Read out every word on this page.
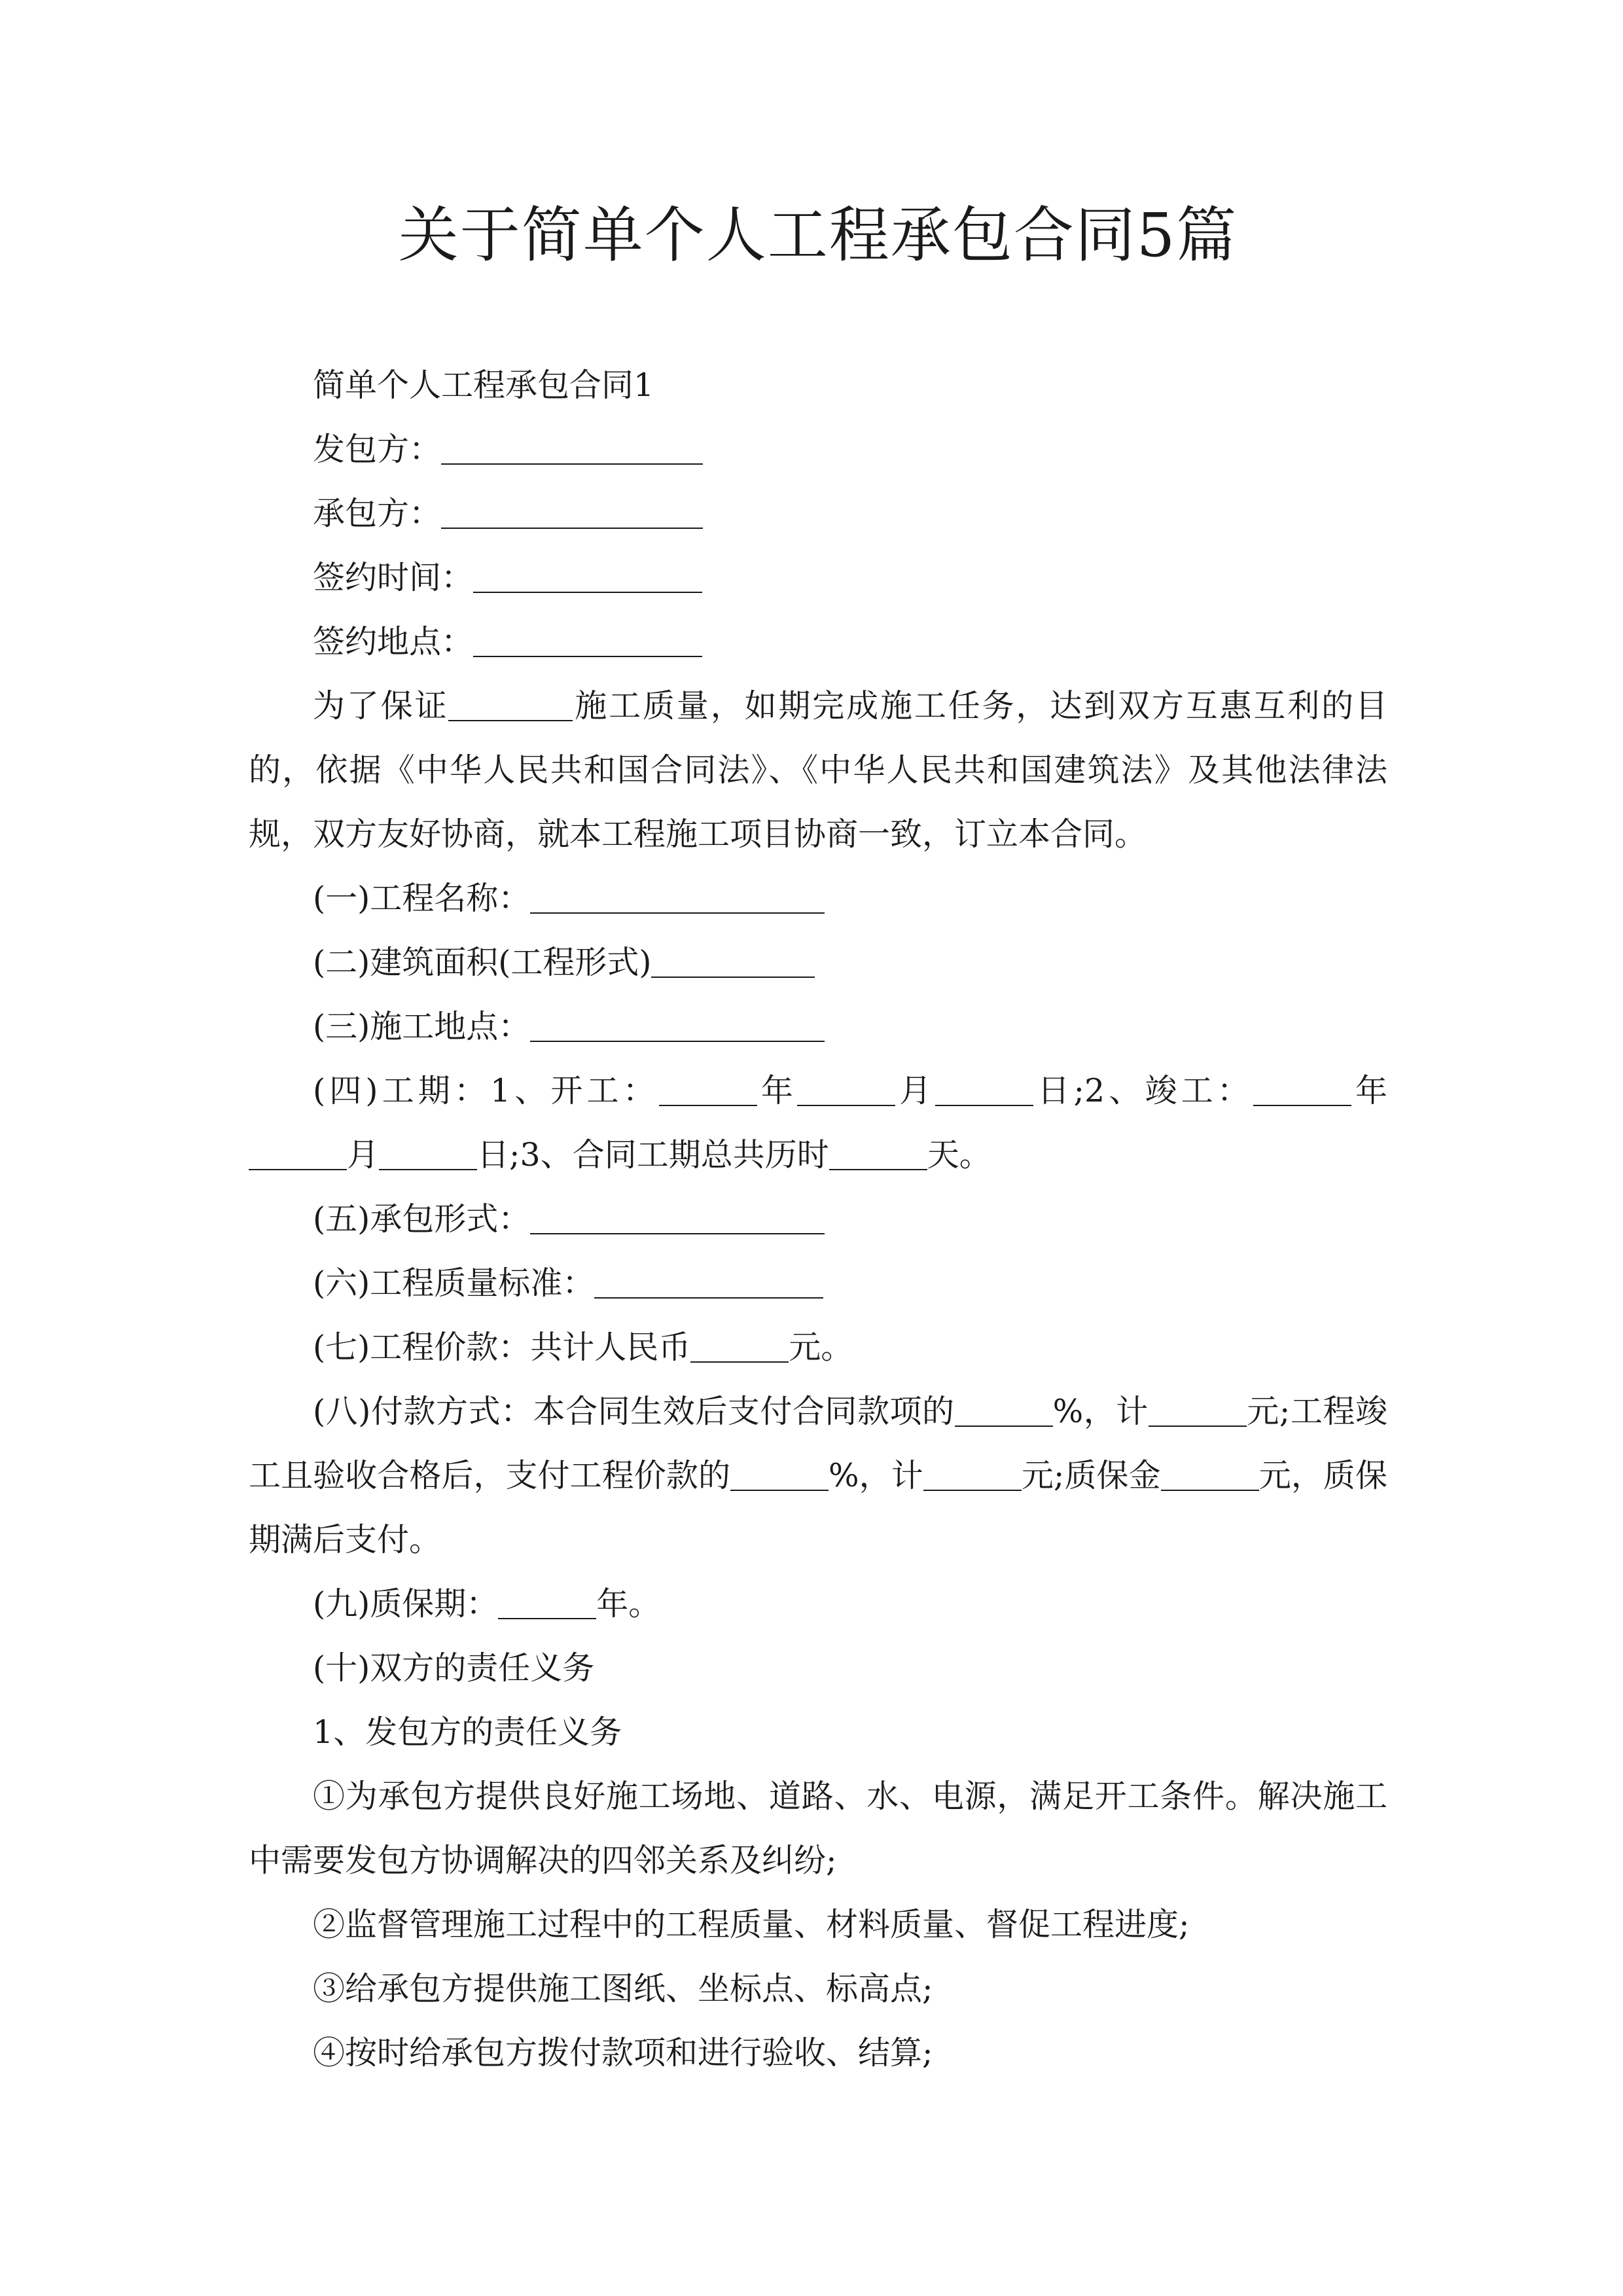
关于简单个人工程承包合同5篇

简单个人工程承包合同1

发包方：

承包方：

签约时间：

签约地点：

为了保证	施工质量，如期完成施工任务，达到双方互惠互利的目的，依据《中华人民共和国合同法》、《中华人民共和国建筑法》及其他法律法规，双方友好协商，就本工程施工项目协商一致，订立本合同。

(一)工程名称：

(二)建筑面积(工程形式)

(三)施工地点：

(四)工期：1、开工：	年	月	日;2、竣工：	年月	日;3、合同工期总共历时	天。

(五)承包形式：

(六)工程质量标准：

(七)工程价款：共计人民币	元。

(八)付款方式：本合同生效后支付合同款项的	%，计	元;工程竣工且验收合格后，支付工程价款的	%，计	元;质保金	元，质保期满后支付。

(九)质保期：	年。

(十)双方的责任义务

1、发包方的责任义务

①为承包方提供良好施工场地、道路、水、电源，满足开工条件。解决施工中需要发包方协调解决的四邻关系及纠纷;

②监督管理施工过程中的工程质量、材料质量、督促工程进度;

③给承包方提供施工图纸、坐标点、标高点;

④按时给承包方拨付款项和进行验收、结算;
